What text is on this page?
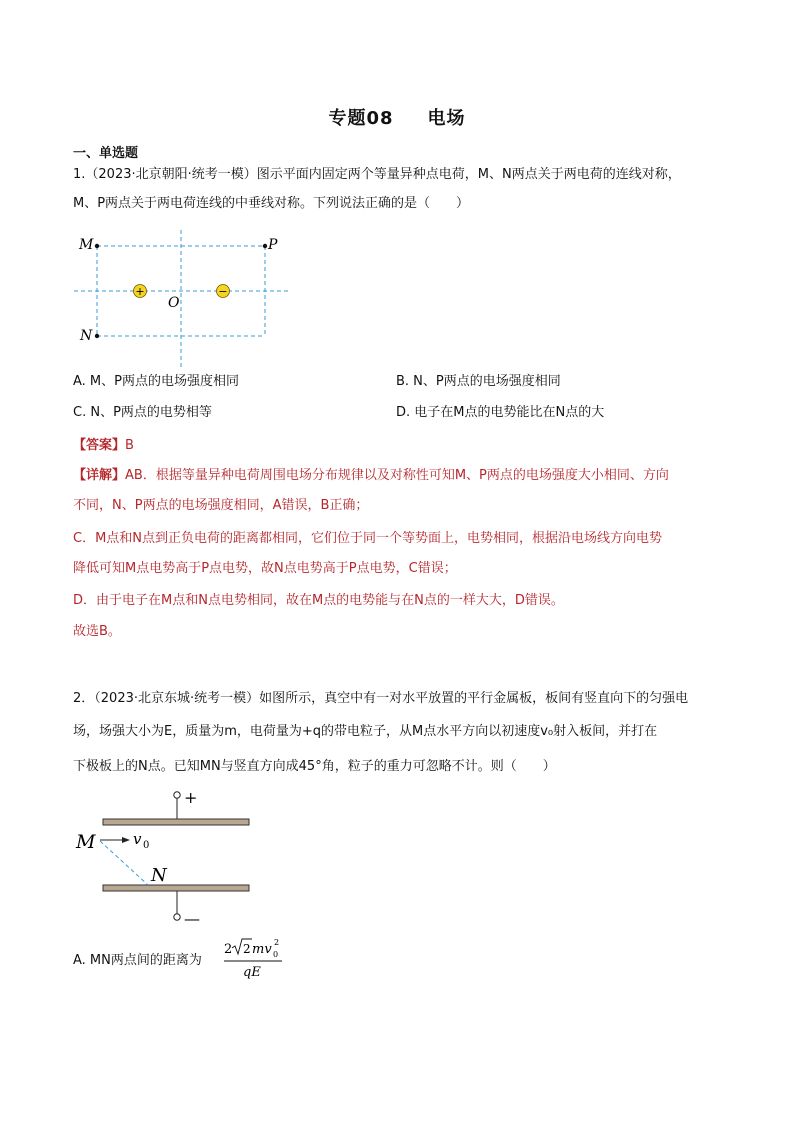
专题08 电场
一、单选题
1.（2023·北京朝阳·统考一模）图示平面内固定两个等量异种点电荷，M、N两点关于两电荷的连线对称，
M、P两点关于两电荷连线的中垂线对称。下列说法正确的是（　　）
M	P
N
O
+	−
A. M、P两点的电场强度相同	B. N、P两点的电场强度相同
C. N、P两点的电势相等	D. 电子在M点的电势能比在N点的大
【答案】B
【详解】AB．根据等量异种电荷周围电场分布规律以及对称性可知M、P两点的电场强度大小相同、方向
不同，N、P两点的电场强度相同，A错误，B正确；
C．M点和N点到正负电荷的距离都相同，它们位于同一个等势面上，电势相同，根据沿电场线方向电势
降低可知M点电势高于P点电势，故N点电势高于P点电势，C错误；
D．由于电子在M点和N点电势相同，故在M点的电势能与在N点的一样大大，D错误。
故选B。
2．（2023·北京东城·统考一模）如图所示，真空中有一对水平放置的平行金属板，板间有竖直向下的匀强电
场，场强大小为E，质量为m，电荷量为+q的带电粒子，从M点水平方向以初速度v₀射入板间，并打在
下极板上的N点。已知MN与竖直方向成45°角，粒子的重力可忽略不计。则（　　）
+
—
M	v 0
N
A. MN两点间的距离为
2 2 mv 2
0
qE
